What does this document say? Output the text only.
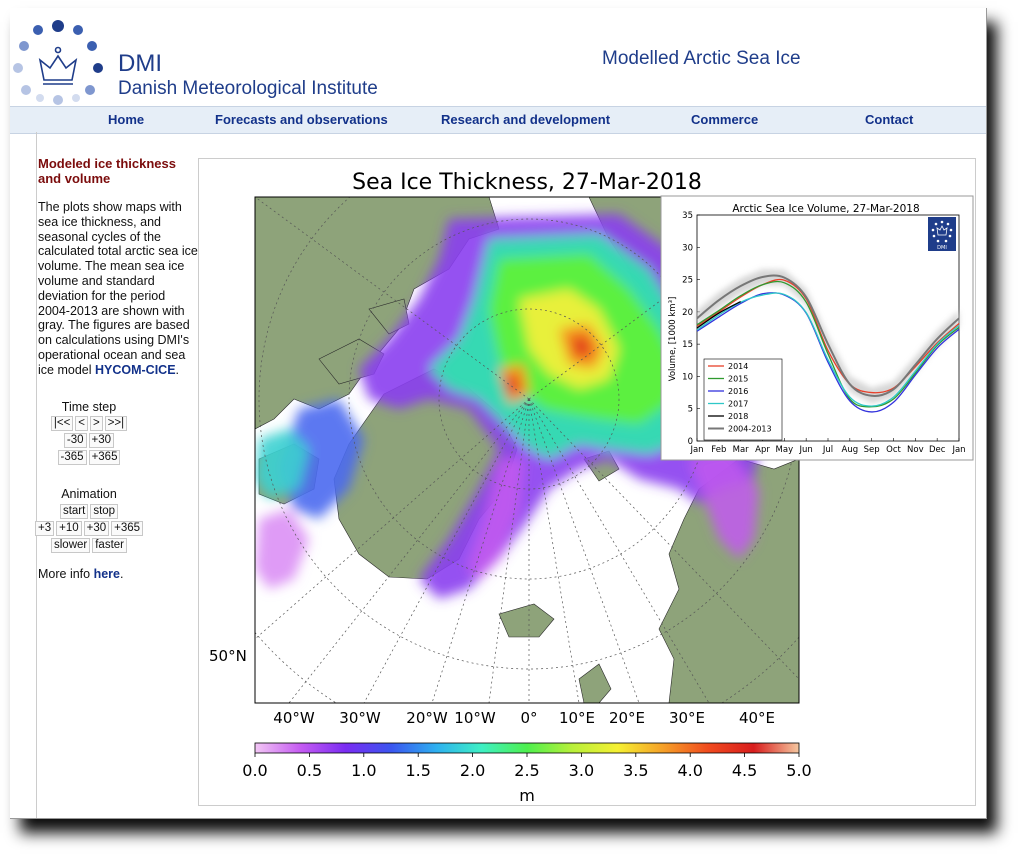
DMI
Danish Meteorological Institute
Modelled Arctic Sea Ice
Home	Forecasts and observations	Research and development	Commerce	Contact
Modeled ice thickness and volume
The plots show maps with sea ice thickness, and seasonal cycles of the calculated total arctic sea ice volume. The mean sea ice volume and standard deviation for the period 2004-2013 are shown with gray. The figures are based on calculations using DMI's operational ocean and sea ice model HYCOM-CICE.
Time step
|<< < > >>|
-30 +30
-365 +365
Animation
start stop
+3 +10 +30 +365
slower faster
More info here.
Sea Ice Thickness, 27-Mar-2018
50°N
40°W 30°W 20°W 10°W 0° 10°E 20°E 30°E 40°E
0.0 0.5 1.0 1.5 2.0 2.5 3.0 3.5 4.0 4.5 5.0
m
Arctic Sea Ice Volume, 27-Mar-2018
0
5
10
15
20
25
30
35
Jan Feb Mar Apr May Jun Jul Aug Sep Oct Nov Dec Jan
2014
2015
2016
2017
2018
2004-2013
Volume, [1000 km³]
DMI
